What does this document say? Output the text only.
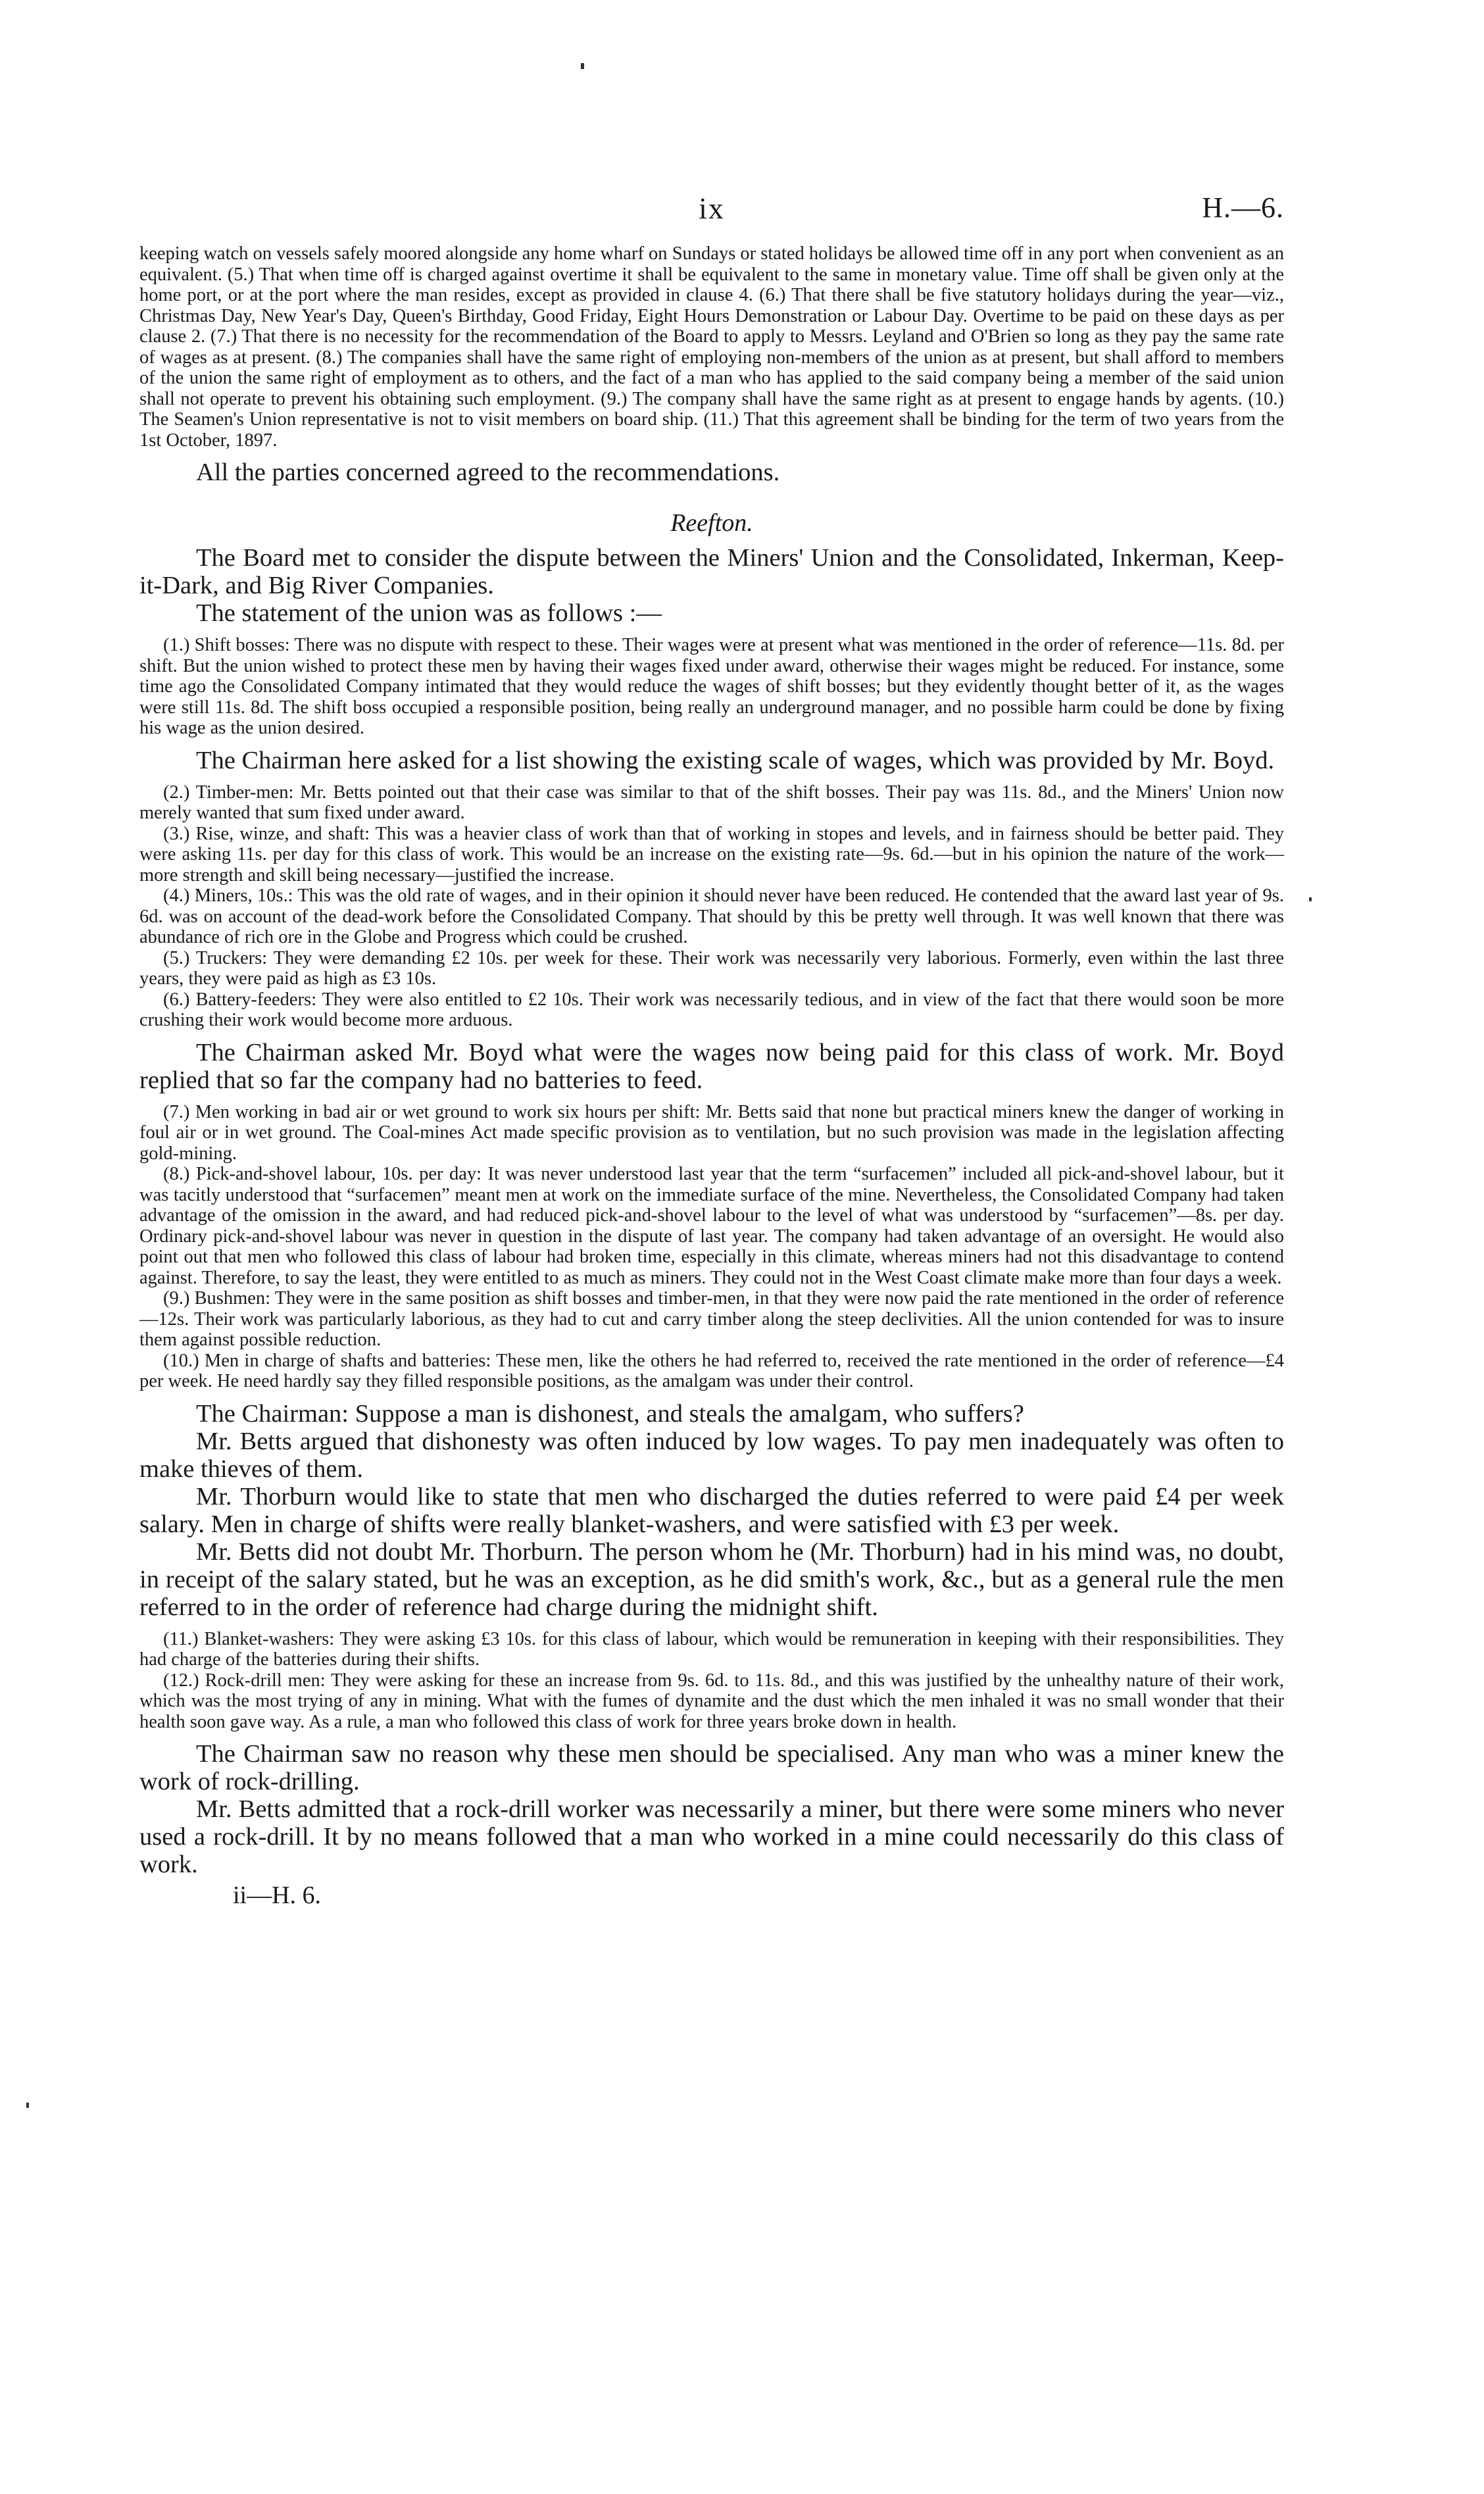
ix	H.—6.

keeping watch on vessels safely moored alongside any home wharf on Sundays or stated holidays be allowed time off in any port when convenient as an equivalent. (5.) That when time off is charged against overtime it shall be equivalent to the same in monetary value. Time off shall be given only at the home port, or at the port where the man resides, except as provided in clause 4. (6.) That there shall be five statutory holidays during the year—viz., Christmas Day, New Year's Day, Queen's Birthday, Good Friday, Eight Hours Demonstration or Labour Day. Overtime to be paid on these days as per clause 2. (7.) That there is no necessity for the recommendation of the Board to apply to Messrs. Leyland and O'Brien so long as they pay the same rate of wages as at present. (8.) The companies shall have the same right of employing non-members of the union as at present, but shall afford to members of the union the same right of employment as to others, and the fact of a man who has applied to the said company being a member of the said union shall not operate to prevent his obtaining such employment. (9.) The company shall have the same right as at present to engage hands by agents. (10.) The Seamen's Union representative is not to visit members on board ship. (11.) That this agreement shall be binding for the term of two years from the 1st October, 1897.

All the parties concerned agreed to the recommendations.

Reefton.

The Board met to consider the dispute between the Miners' Union and the Consolidated, Inkerman, Keep-it-Dark, and Big River Companies.

The statement of the union was as follows :—

(1.) Shift bosses: There was no dispute with respect to these. Their wages were at present what was mentioned in the order of reference—11s. 8d. per shift. But the union wished to protect these men by having their wages fixed under award, otherwise their wages might be reduced. For instance, some time ago the Consolidated Company intimated that they would reduce the wages of shift bosses; but they evidently thought better of it, as the wages were still 11s. 8d. The shift boss occupied a responsible position, being really an underground manager, and no possible harm could be done by fixing his wage as the union desired.

The Chairman here asked for a list showing the existing scale of wages, which was provided by Mr. Boyd.

(2.) Timber-men: Mr. Betts pointed out that their case was similar to that of the shift bosses. Their pay was 11s. 8d., and the Miners' Union now merely wanted that sum fixed under award.

(3.) Rise, winze, and shaft: This was a heavier class of work than that of working in stopes and levels, and in fairness should be better paid. They were asking 11s. per day for this class of work. This would be an increase on the existing rate—9s. 6d.—but in his opinion the nature of the work—more strength and skill being necessary—justified the increase.

(4.) Miners, 10s.: This was the old rate of wages, and in their opinion it should never have been reduced. He contended that the award last year of 9s. 6d. was on account of the dead-work before the Consolidated Company. That should by this be pretty well through. It was well known that there was abundance of rich ore in the Globe and Progress which could be crushed.

(5.) Truckers: They were demanding £2 10s. per week for these. Their work was necessarily very laborious. Formerly, even within the last three years, they were paid as high as £3 10s.

(6.) Battery-feeders: They were also entitled to £2 10s. Their work was necessarily tedious, and in view of the fact that there would soon be more crushing their work would become more arduous.

The Chairman asked Mr. Boyd what were the wages now being paid for this class of work. Mr. Boyd replied that so far the company had no batteries to feed.

(7.) Men working in bad air or wet ground to work six hours per shift: Mr. Betts said that none but practical miners knew the danger of working in foul air or in wet ground. The Coal-mines Act made specific provision as to ventilation, but no such provision was made in the legislation affecting gold-mining.

(8.) Pick-and-shovel labour, 10s. per day: It was never understood last year that the term “surfacemen” included all pick-and-shovel labour, but it was tacitly understood that “surfacemen” meant men at work on the immediate surface of the mine. Nevertheless, the Consolidated Company had taken advantage of the omission in the award, and had reduced pick-and-shovel labour to the level of what was understood by “surfacemen”—8s. per day. Ordinary pick-and-shovel labour was never in question in the dispute of last year. The company had taken advantage of an oversight. He would also point out that men who followed this class of labour had broken time, especially in this climate, whereas miners had not this disadvantage to contend against. Therefore, to say the least, they were entitled to as much as miners. They could not in the West Coast climate make more than four days a week.

(9.) Bushmen: They were in the same position as shift bosses and timber-men, in that they were now paid the rate mentioned in the order of reference—12s. Their work was particularly laborious, as they had to cut and carry timber along the steep declivities. All the union contended for was to insure them against possible reduction.

(10.) Men in charge of shafts and batteries: These men, like the others he had referred to, received the rate mentioned in the order of reference—£4 per week. He need hardly say they filled responsible positions, as the amalgam was under their control.

The Chairman: Suppose a man is dishonest, and steals the amalgam, who suffers?

Mr. Betts argued that dishonesty was often induced by low wages. To pay men inadequately was often to make thieves of them.

Mr. Thorburn would like to state that men who discharged the duties referred to were paid £4 per week salary. Men in charge of shifts were really blanket-washers, and were satisfied with £3 per week.

Mr. Betts did not doubt Mr. Thorburn. The person whom he (Mr. Thorburn) had in his mind was, no doubt, in receipt of the salary stated, but he was an exception, as he did smith's work, &c., but as a general rule the men referred to in the order of reference had charge during the midnight shift.

(11.) Blanket-washers: They were asking £3 10s. for this class of labour, which would be remuneration in keeping with their responsibilities. They had charge of the batteries during their shifts.

(12.) Rock-drill men: They were asking for these an increase from 9s. 6d. to 11s. 8d., and this was justified by the unhealthy nature of their work, which was the most trying of any in mining. What with the fumes of dynamite and the dust which the men inhaled it was no small wonder that their health soon gave way. As a rule, a man who followed this class of work for three years broke down in health.

The Chairman saw no reason why these men should be specialised. Any man who was a miner knew the work of rock-drilling.

Mr. Betts admitted that a rock-drill worker was necessarily a miner, but there were some miners who never used a rock-drill. It by no means followed that a man who worked in a mine could necessarily do this class of work.

ii—H. 6.
